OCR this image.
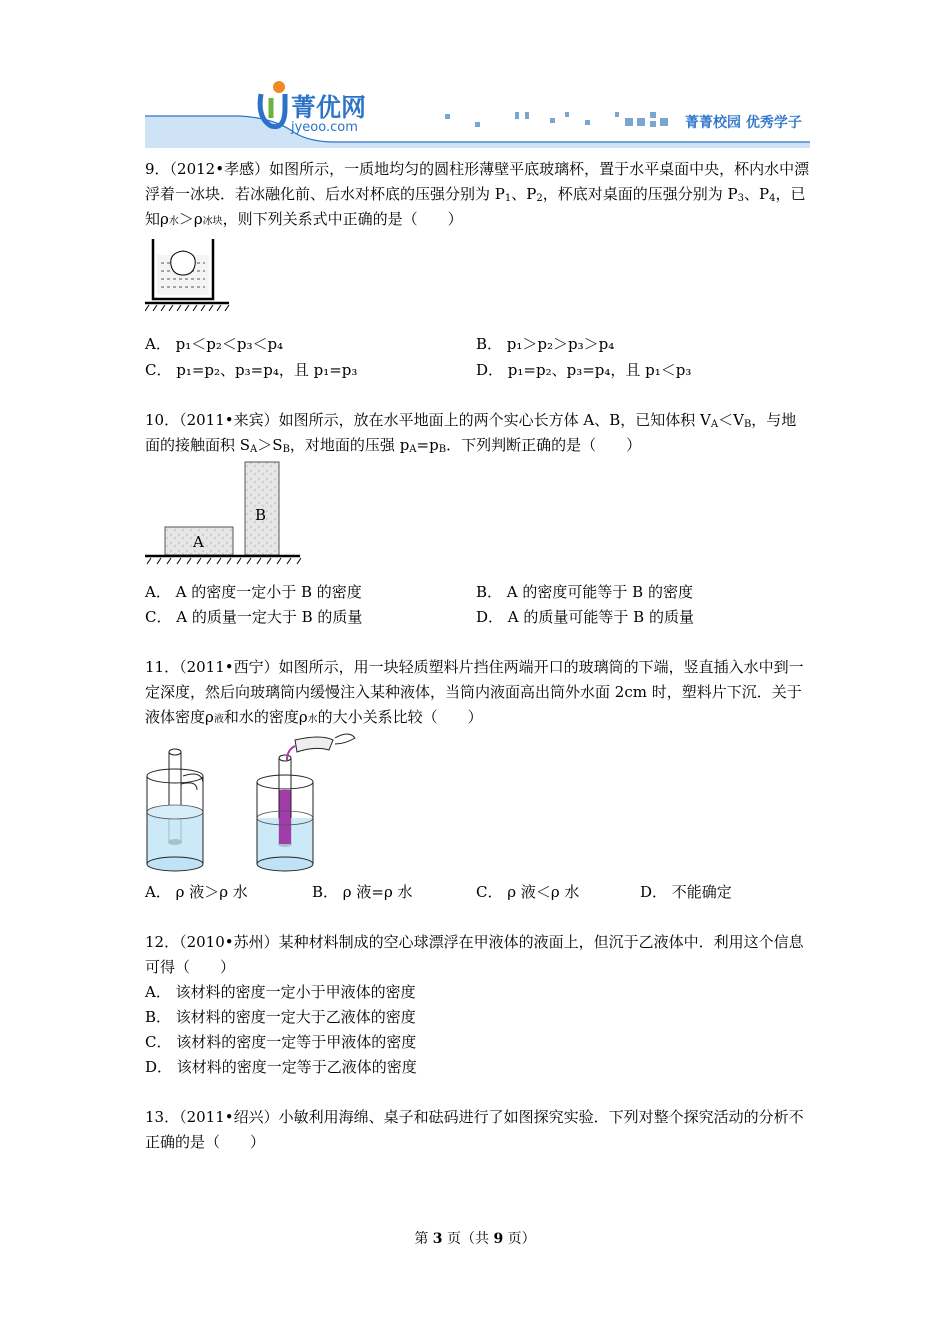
菁优网
jyeoo.com	菁菁校园 优秀学子

9．（2012•孝感）如图所示，一质地均匀的圆柱形薄壁平底玻璃杯，置于水平桌面中央，杯内水中漂浮着一冰块．若冰融化前、后水对杯底的压强分别为 $P_1$、$P_2$，杯底对桌面的压强分别为 $P_3$、$P_4$，已知ρ水＞ρ冰块，则下列关系式中正确的是（　　）

A． p₁＜p₂＜p₃＜p₄	B． p₁＞p₂＞p₃＞p₄
C． p₁=p₂、p₃=p₄，且 p₁=p₃	D． p₁=p₂、p₃=p₄，且 p₁＜p₃

10．（2011•来宾）如图所示，放在水平地面上的两个实心长方体 A、B，已知体积 $V_A<V_B$，与地面的接触面积 $S_A>S_B$，对地面的压强 $p_A=p_B$．下列判断正确的是（　　）

A
B
A． A 的密度一定小于 B 的密度	B． A 的密度可能等于 B 的密度
C． A 的质量一定大于 B 的质量	D． A 的质量可能等于 B 的质量

11．（2011•西宁）如图所示，用一块轻质塑料片挡住两端开口的玻璃筒的下端，竖直插入水中到一定深度，然后向玻璃筒内缓慢注入某种液体，当筒内液面高出筒外水面 2cm 时，塑料片下沉．关于液体密度ρ液和水的密度ρ水的大小关系比较（　　）

A． ρ 液＞ρ 水	B． ρ 液=ρ 水	C． ρ 液＜ρ 水	D． 不能确定

12．（2010•苏州）某种材料制成的空心球漂浮在甲液体的液面上，但沉于乙液体中．利用这个信息可得（　　）

A． 该材料的密度一定小于甲液体的密度
B． 该材料的密度一定大于乙液体的密度
C． 该材料的密度一定等于甲液体的密度
D． 该材料的密度一定等于乙液体的密度

13．（2011•绍兴）小敏利用海绵、桌子和砝码进行了如图探究实验．下列对整个探究活动的分析不正确的是（　　）

第 3 页（共 9 页）
